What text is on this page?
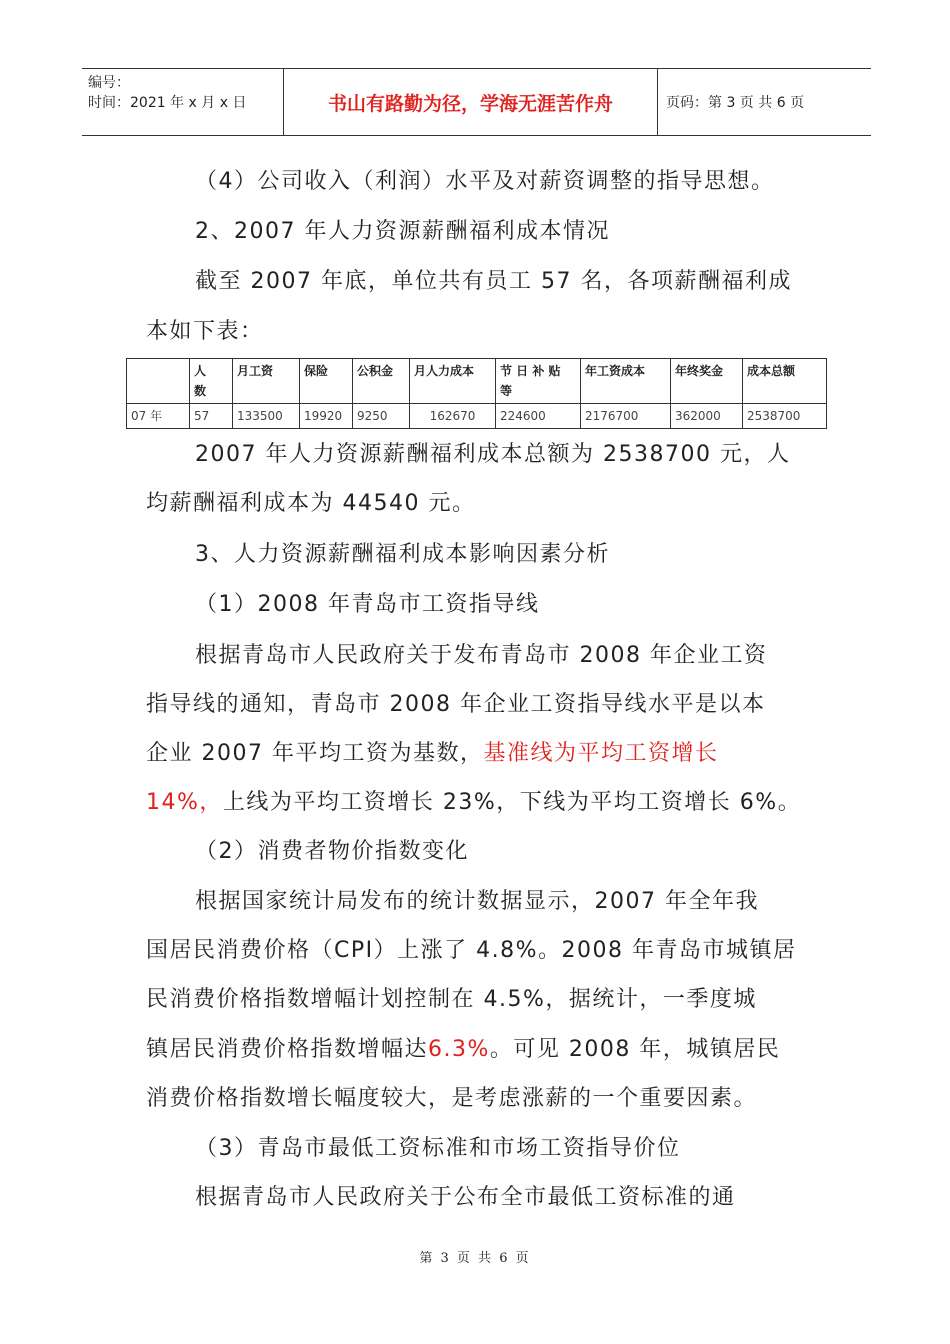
编号：
时间：2021 年 x 月 x 日	书山有路勤为径，学海无涯苦作舟	页码：第 3 页 共 6 页
（4）公司收入（利润）水平及对薪资调整的指导思想。
2、2007 年人力资源薪酬福利成本情况
截至 2007 年底，单位共有员工 57 名，各项薪酬福利成
本如下表：

	人数	月工资	保险	公积金	月人力成本	节 日 补 贴 等	年工资成本	年终奖金	成本总额
07 年	57	133500	19920	9250	162670	224600	2176700	362000	2538700
2007 年人力资源薪酬福利成本总额为 2538700 元，人
均薪酬福利成本为 44540 元。
3、人力资源薪酬福利成本影响因素分析
（1）2008 年青岛市工资指导线
根据青岛市人民政府关于发布青岛市 2008 年企业工资
指导线的通知，青岛市 2008 年企业工资指导线水平是以本
企业 2007 年平均工资为基数，基准线为平均工资增长
14%，上线为平均工资增长 23%，下线为平均工资增长 6%。
（2）消费者物价指数变化
根据国家统计局发布的统计数据显示，2007 年全年我
国居民消费价格（CPI）上涨了 4.8%。2008 年青岛市城镇居
民消费价格指数增幅计划控制在 4.5%，据统计，一季度城
镇居民消费价格指数增幅达6.3%。可见 2008 年，城镇居民
消费价格指数增长幅度较大，是考虑涨薪的一个重要因素。
（3）青岛市最低工资标准和市场工资指导价位
根据青岛市人民政府关于公布全市最低工资标准的通
第 3 页 共 6 页
